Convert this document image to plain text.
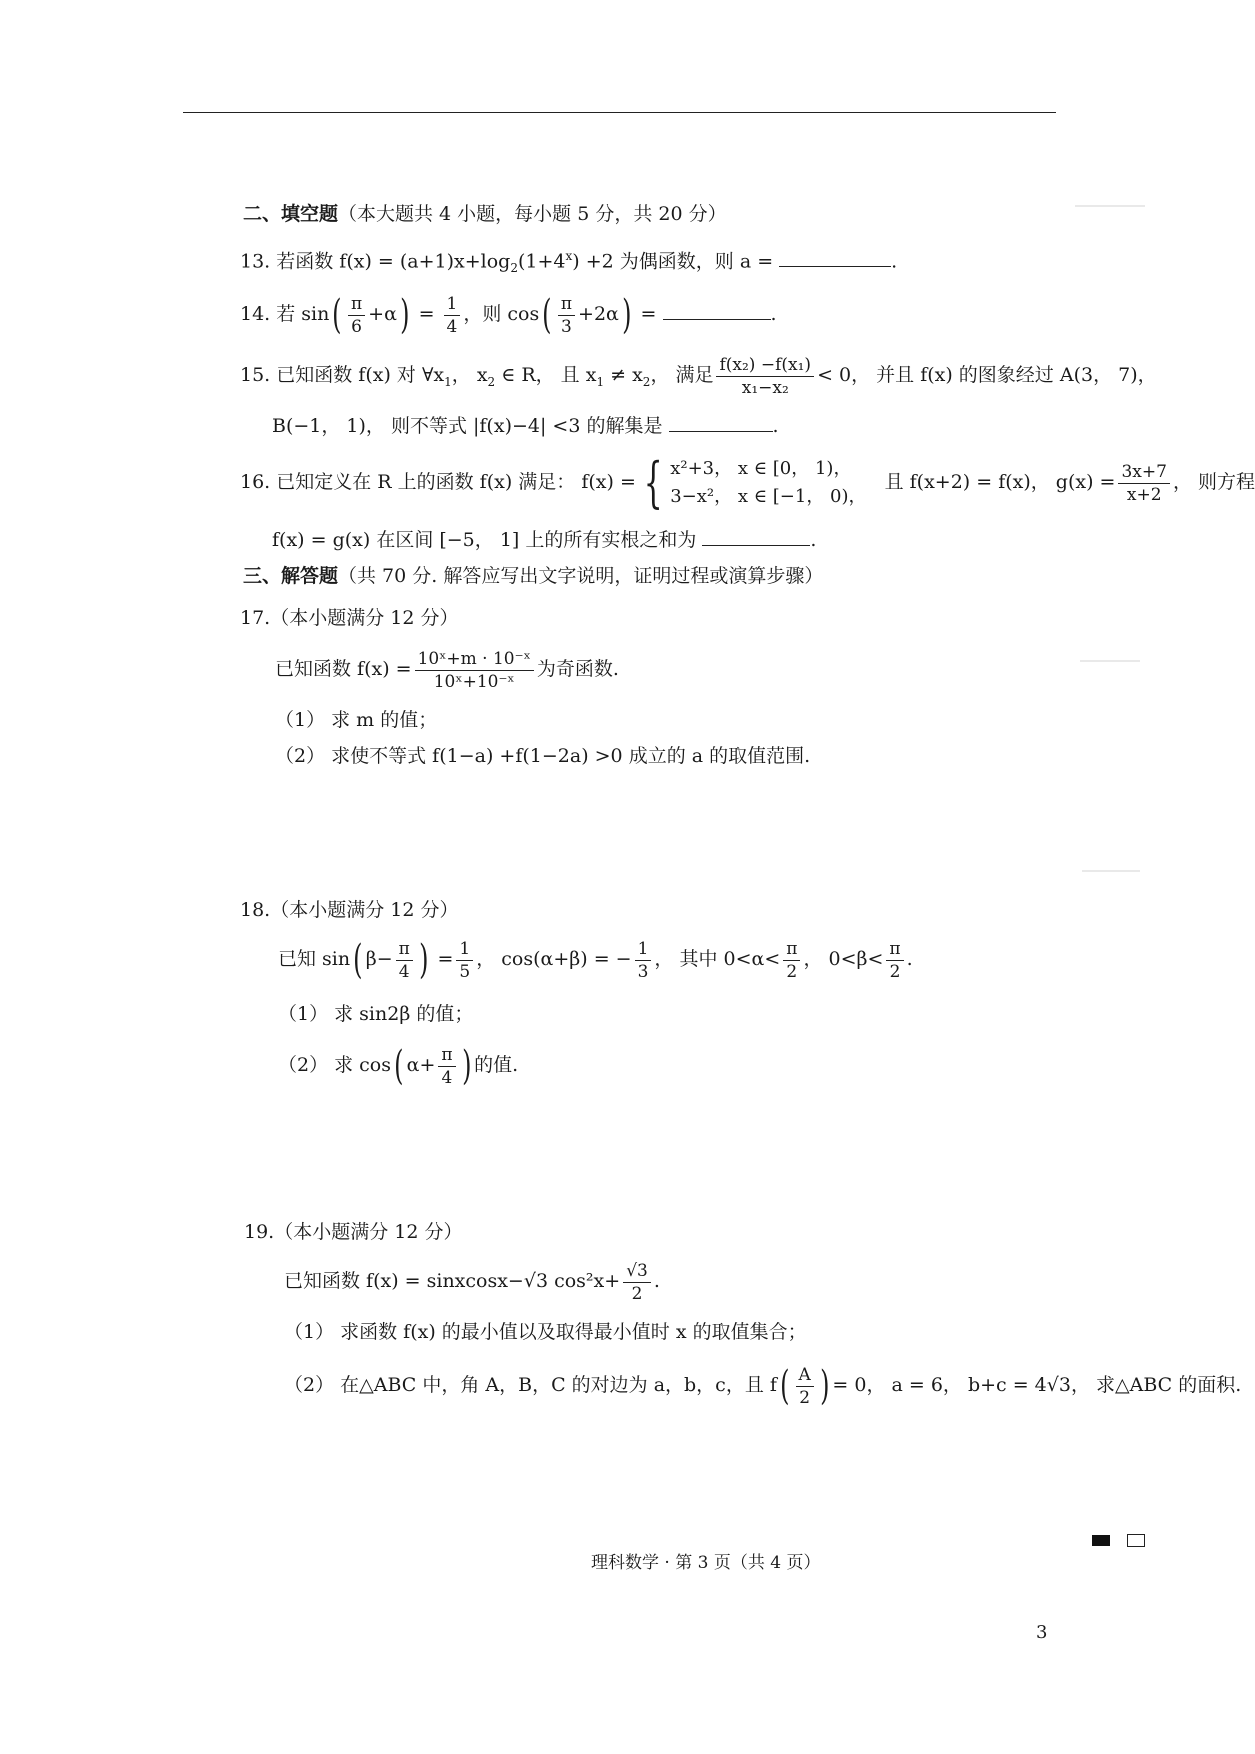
二、填空题（本大题共 4 小题，每小题 5 分，共 20 分）
13. 若函数 $f(x) = (a+1)x+\log_2(1+4^x) +2$ 为偶函数，则 a =	.
14. 若 $\sin( \frac{\pi}{6} +\alpha) = \frac{1}{4}$ ，则 $\cos( \frac{\pi}{3} +2\alpha)$ =	.
15. 已知函数 f(x) 对 $\forall x_1$， $x_2$ ∈ R， 且 $x_1 \ne x_2$， 满足 $\frac{\text{f(x₂) −f(x₁)}}{\text{x₁−x₂}} < 0$， 并且 f(x) 的图象经过 A(3， 7)，
B(−1， 1)， 则不等式 |f(x)−4| <3 的解集是	.
16. 已知定义在 R 上的函数 f(x) 满足： f(x) = { x²+3， x ∈ [0， 1)，
3−x²， x ∈ [−1， 0)，
且 f(x+2) = f(x)， $g(x) = \frac{3x+7}{x+2}$ ， 则方程
f(x) = g(x) 在区间 [−5， 1] 上的所有实根之和为	.
三、解答题（共 70 分. 解答应写出文字说明，证明过程或演算步骤）
17.（本小题满分 12 分）
已知函数 $f(x) = \frac{\text{10ˣ+m · 10⁻ˣ}}{\text{10ˣ+10⁻ˣ}}$ 为奇函数.
（1） 求 m 的值；
（2） 求使不等式 f(1−a) +f(1−2a) >0 成立的 a 的取值范围.
18.（本小题满分 12 分）
已知 sin( $\beta- \frac{\pi}{4}$ ) = $\frac{1}{5}$ ， cos(α+β) = − $\frac{1}{3}$ ， 其中 $0<\alpha< \frac{\pi}{2}$ ， $0<\beta< \frac{\pi}{2}$ .
（1） 求 sin2β 的值；
（2） 求 cos( $\alpha+ \frac{\pi}{4}$ ) 的值.
19.（本小题满分 12 分）
已知函数 f(x) = sinxcosx−√3 $\cos^2x+ \frac{√3}{2}$ .
（1） 求函数 f(x) 的最小值以及取得最小值时 x 的取值集合；
（2） 在△ABC 中，角 A，B，C 的对边为 a，b，c，且 $f( \frac{A}{2}$ ) = 0， a = 6， b+c = 4√3， 求△ABC 的面积.
理科数学 · 第 3 页（共 4 页）
3
